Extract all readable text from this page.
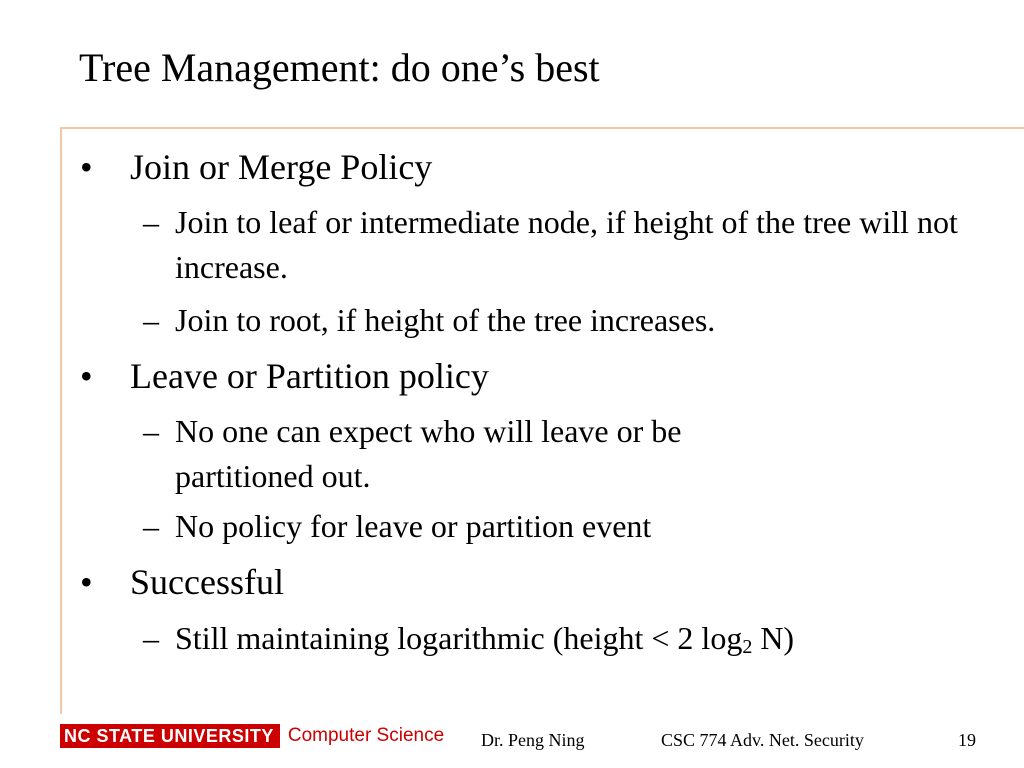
Tree Management: do one’s best
• Join or Merge Policy
– Join to leaf or intermediate node, if height of the tree will not increase.
– Join to root, if height of the tree increases.
• Leave or Partition policy
– No one can expect who will leave or be partitioned out.
– No policy for leave or partition event
• Successful
– Still maintaining logarithmic (height < 2 $\log_2 N$)
NC STATE UNIVERSITY Computer Science Dr. Peng Ning	CSC 774 Adv. Net. Security	19
